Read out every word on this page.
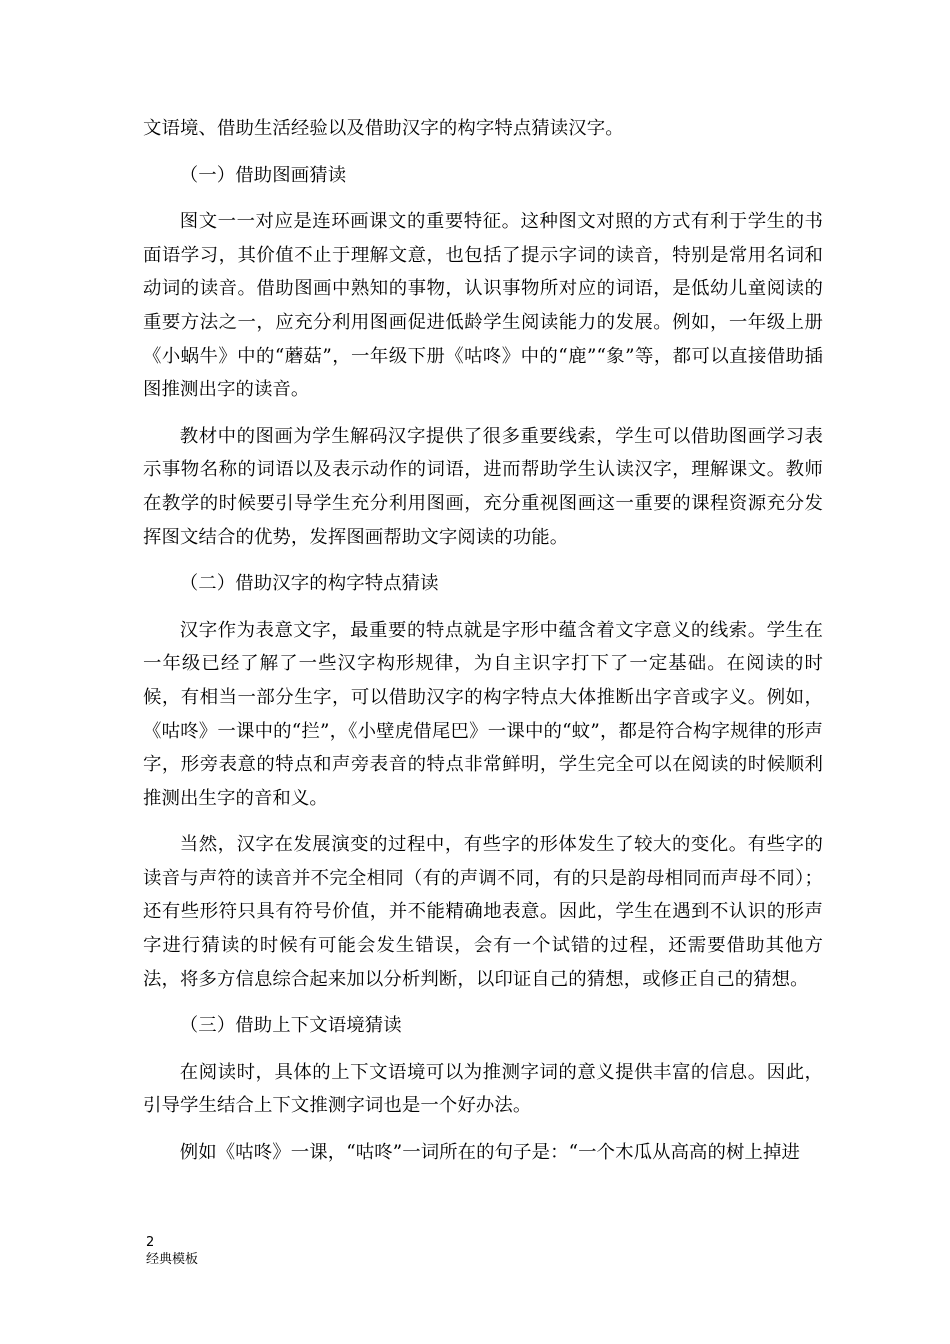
文语境、借助生活经验以及借助汉字的构字特点猜读汉字。

（一）借助图画猜读

图文一一对应是连环画课文的重要特征。这种图文对照的方式有利于学生的书面语学习，其价值不止于理解文意，也包括了提示字词的读音，特别是常用名词和动词的读音。借助图画中熟知的事物，认识事物所对应的词语，是低幼儿童阅读的重要方法之一，应充分利用图画促进低龄学生阅读能力的发展。例如，一年级上册《小蜗牛》中的“蘑菇”，一年级下册《咕咚》中的“鹿”“象”等，都可以直接借助插图推测出字的读音。

教材中的图画为学生解码汉字提供了很多重要线索，学生可以借助图画学习表示事物名称的词语以及表示动作的词语，进而帮助学生认读汉字，理解课文。教师在教学的时候要引导学生充分利用图画，充分重视图画这一重要的课程资源充分发挥图文结合的优势，发挥图画帮助文字阅读的功能。

（二）借助汉字的构字特点猜读

汉字作为表意文字，最重要的特点就是字形中蕴含着文字意义的线索。学生在一年级已经了解了一些汉字构形规律，为自主识字打下了一定基础。在阅读的时候，有相当一部分生字，可以借助汉字的构字特点大体推断出字音或字义。例如，《咕咚》一课中的“拦”，《小壁虎借尾巴》一课中的“蚊”，都是符合构字规律的形声字，形旁表意的特点和声旁表音的特点非常鲜明，学生完全可以在阅读的时候顺利推测出生字的音和义。

当然，汉字在发展演变的过程中，有些字的形体发生了较大的变化。有些字的读音与声符的读音并不完全相同（有的声调不同，有的只是韵母相同而声母不同）；还有些形符只具有符号价值，并不能精确地表意。因此，学生在遇到不认识的形声字进行猜读的时候有可能会发生错误，会有一个试错的过程，还需要借助其他方法，将多方信息综合起来加以分析判断，以印证自己的猜想，或修正自己的猜想。

（三）借助上下文语境猜读

在阅读时，具体的上下文语境可以为推测字词的意义提供丰富的信息。因此，引导学生结合上下文推测字词也是一个好办法。

例如《咕咚》一课，“咕咚”一词所在的句子是：“一个木瓜从高高的树上掉进

2
经典模板
